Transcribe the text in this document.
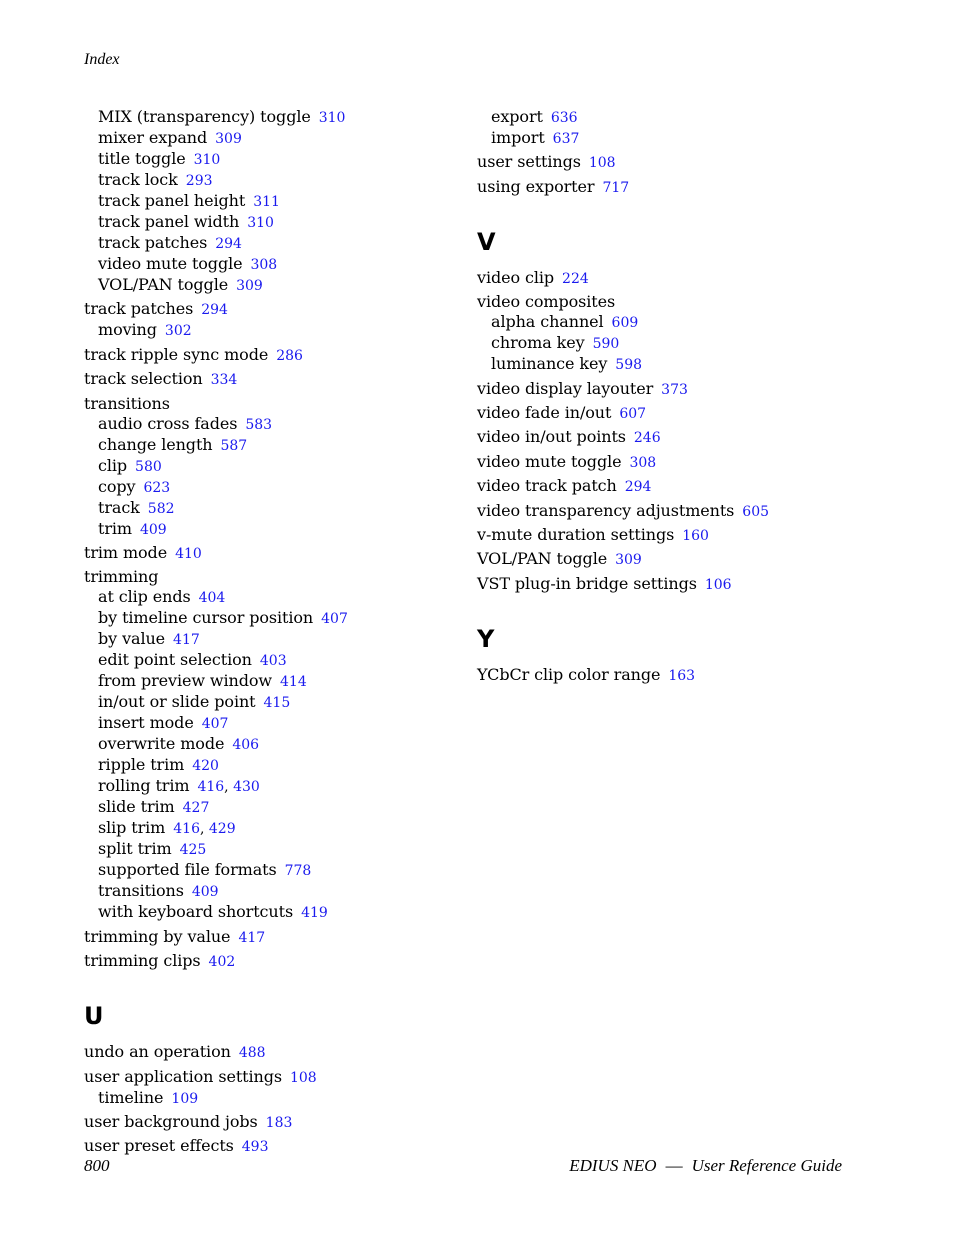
Index
MIX (transparency) toggle 310
mixer expand 309
title toggle 310
track lock 293
track panel height 311
track panel width 310
track patches 294
video mute toggle 308
VOL/PAN toggle 309
track patches 294
moving 302
track ripple sync mode 286
track selection 334
transitions
audio cross fades 583
change length 587
clip 580
copy 623
track 582
trim 409
trim mode 410
trimming
at clip ends 404
by timeline cursor position 407
by value 417
edit point selection 403
from preview window 414
in/out or slide point 415
insert mode 407
overwrite mode 406
ripple trim 420
rolling trim 416, 430
slide trim 427
slip trim 416, 429
split trim 425
supported file formats 778
transitions 409
with keyboard shortcuts 419
trimming by value 417
trimming clips 402
U
undo an operation 488
user application settings 108
timeline 109
user background jobs 183
user preset effects 493
export 636
import 637
user settings 108
using exporter 717
V
video clip 224
video composites
alpha channel 609
chroma key 590
luminance key 598
video display layouter 373
video fade in/out 607
video in/out points 246
video mute toggle 308
video track patch 294
video transparency adjustments 605
v-mute duration settings 160
VOL/PAN toggle 309
VST plug-in bridge settings 106
Y
YCbCr clip color range 163
800	EDIUS NEO — User Reference Guide
